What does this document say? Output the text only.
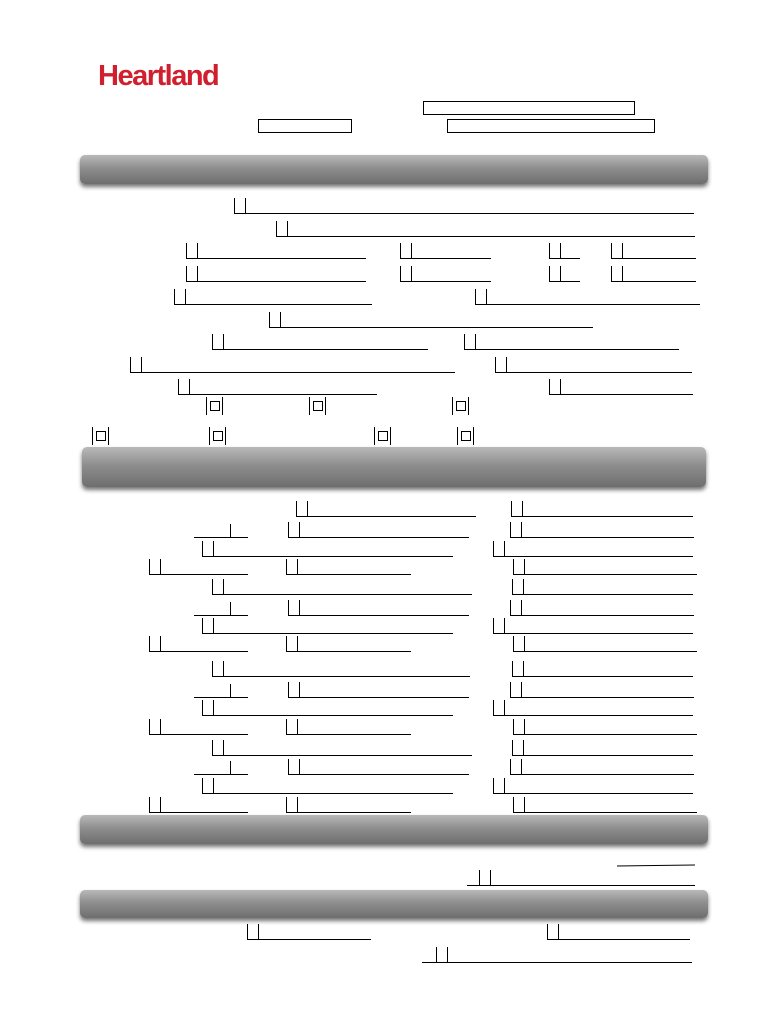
Heartland
